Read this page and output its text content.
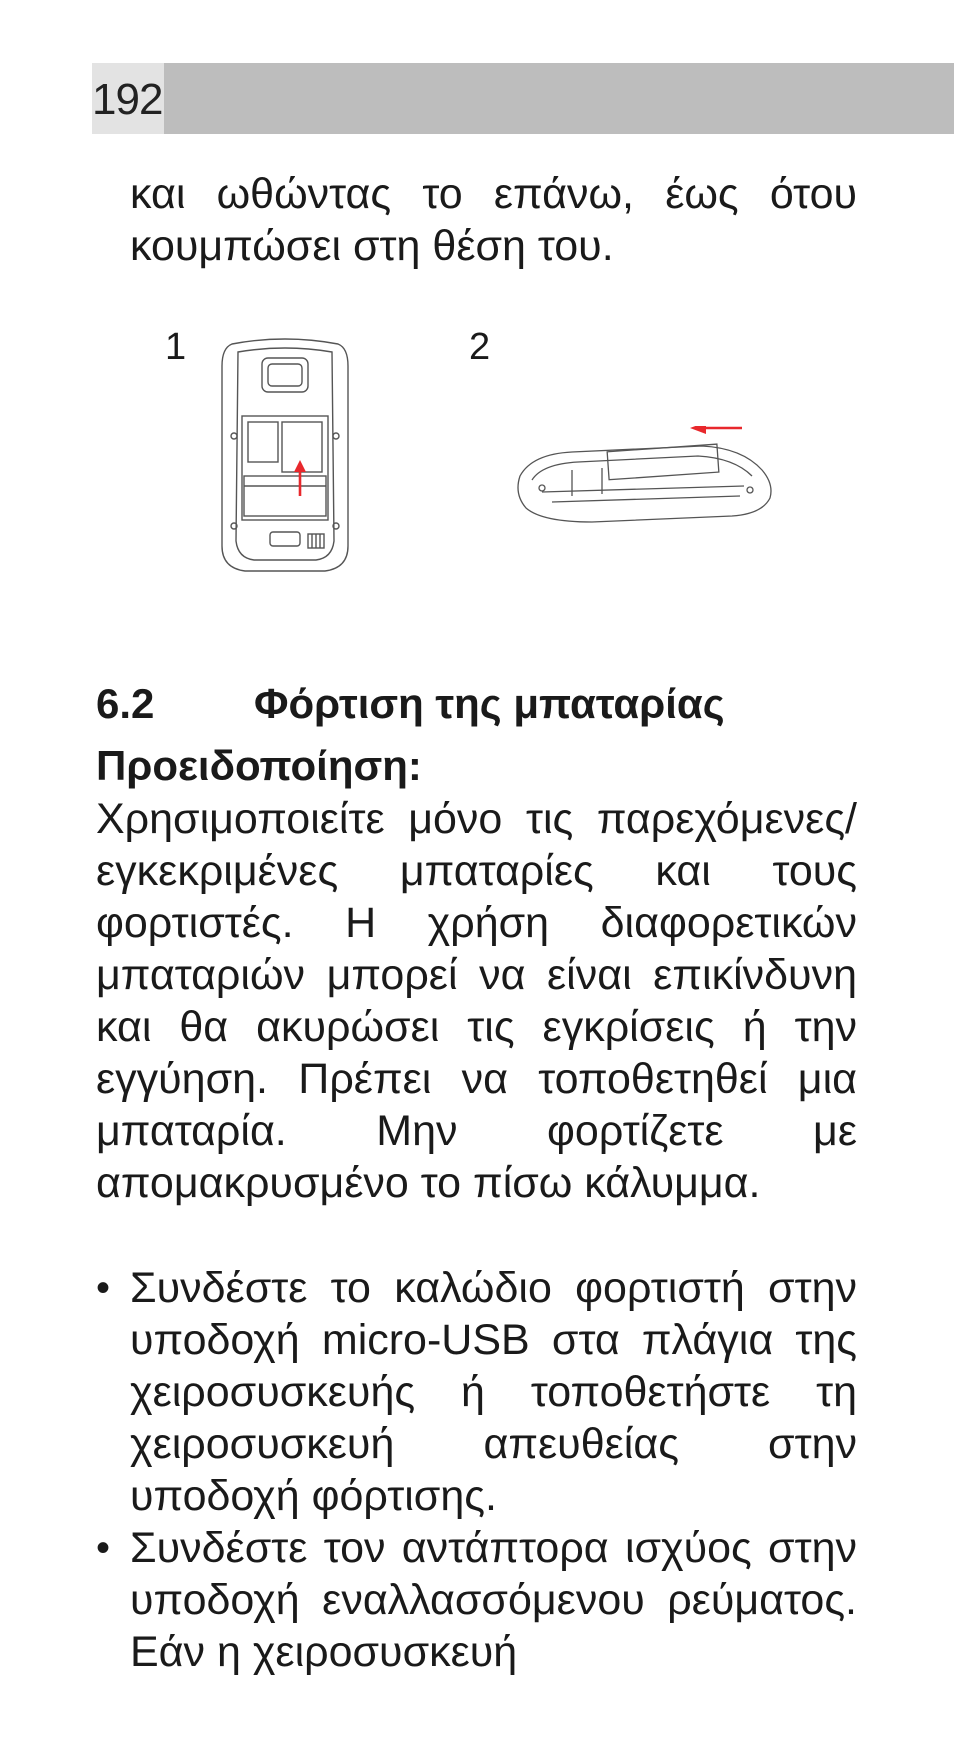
192

και ωθώντας το επάνω, έως ότου κουμπώσει στη θέση του.

1	2
6.2 Φόρτιση της μπαταρίας
Προειδοποίηση:

Χρησιμοποιείτε μόνο τις παρεχόμενες/ εγκεκριμένες μπαταρίες και τους φορτιστές. Η χρήση διαφορετικών μπαταριών μπορεί να είναι επικίνδυνη και θα ακυρώσει τις εγκρίσεις ή την εγγύηση. Πρέπει να τοποθετηθεί μια μπαταρία. Μην φορτίζετε με απομακρυσμένο το πίσω κάλυμμα.

• Συνδέστε το καλώδιο φορτιστή στην υποδοχή micro-USB στα πλάγια της χειροσυσκευής ή τοποθετήστε τη χειροσυσκευή απευθείας στην υποδοχή φόρτισης.
• Συνδέστε τον αντάπτορα ισχύος στην υποδοχή εναλλασσόμενου ρεύματος. Εάν η χειροσυσκευή
